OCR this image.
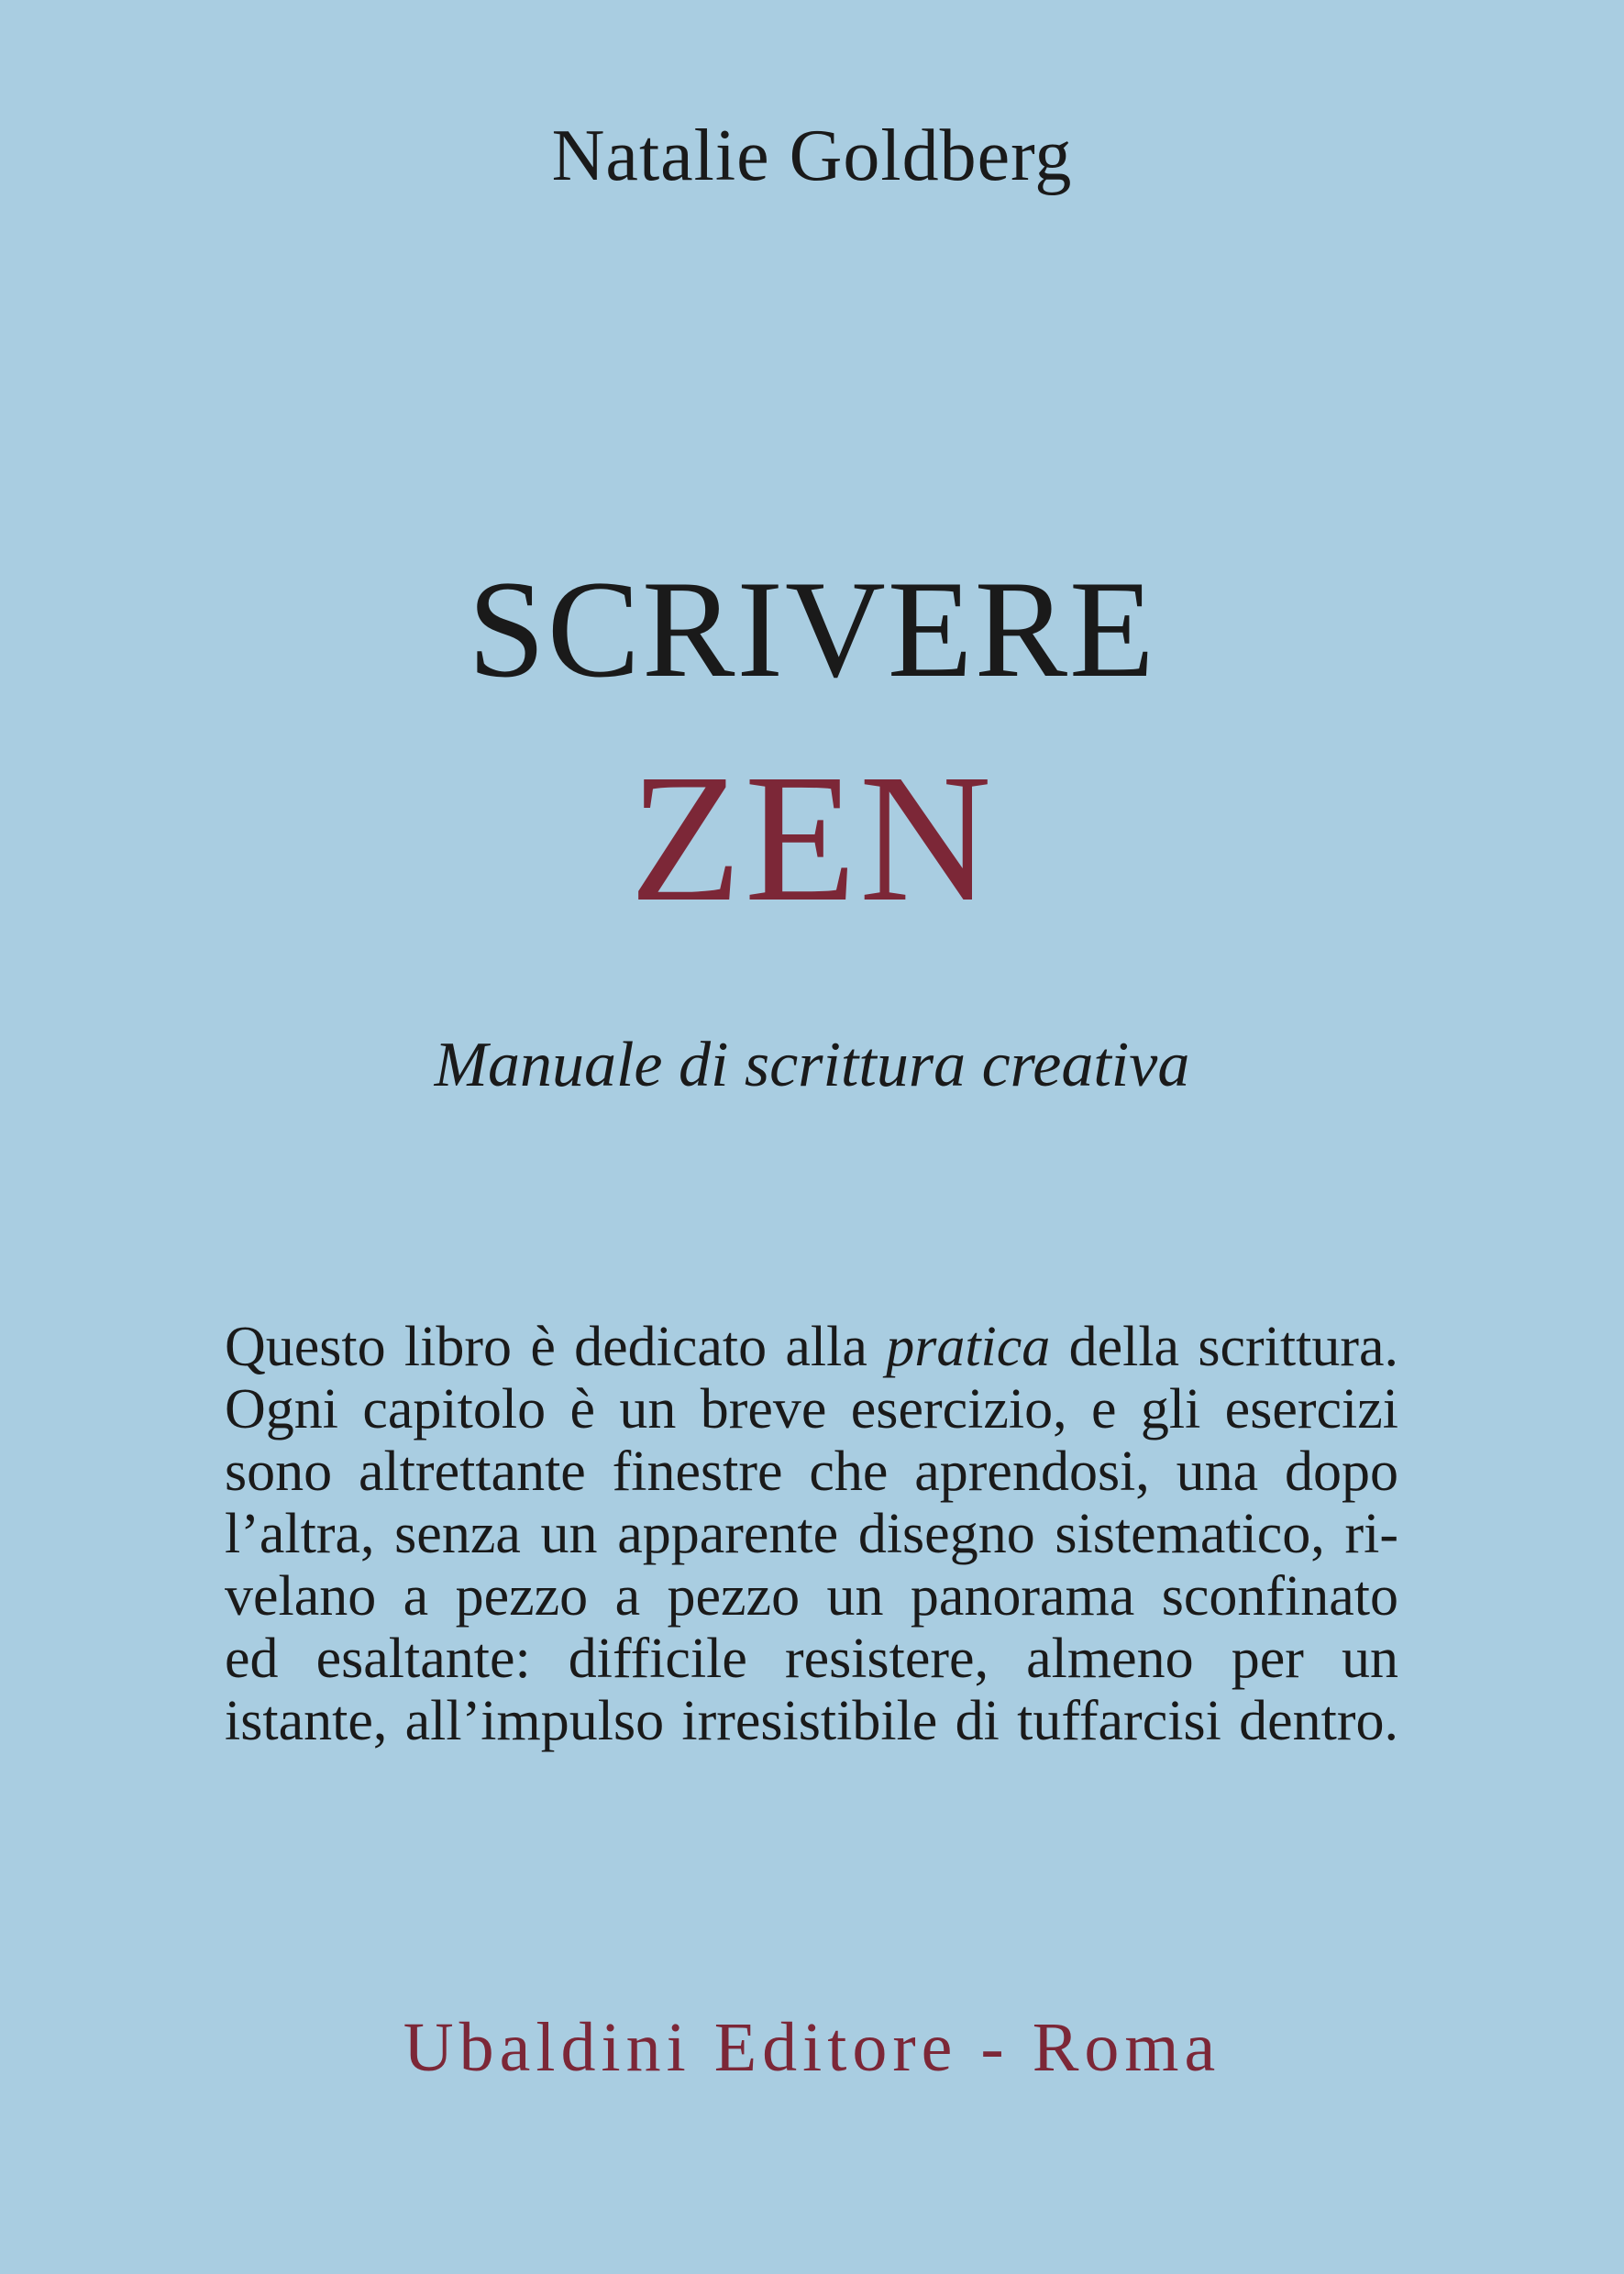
Natalie Goldberg
SCRIVERE
ZEN
Manuale di scrittura creativa
Questo libro è dedicato alla pratica della scrittura.
Ogni capitolo è un breve esercizio, e gli esercizi
sono altrettante finestre che aprendosi, una dopo
l’altra, senza un apparente disegno sistematico, ri-
velano a pezzo a pezzo un panorama sconfinato
ed esaltante: difficile resistere, almeno per un
istante, all’impulso irresistibile di tuffarcisi dentro.
Ubaldini Editore - Roma
